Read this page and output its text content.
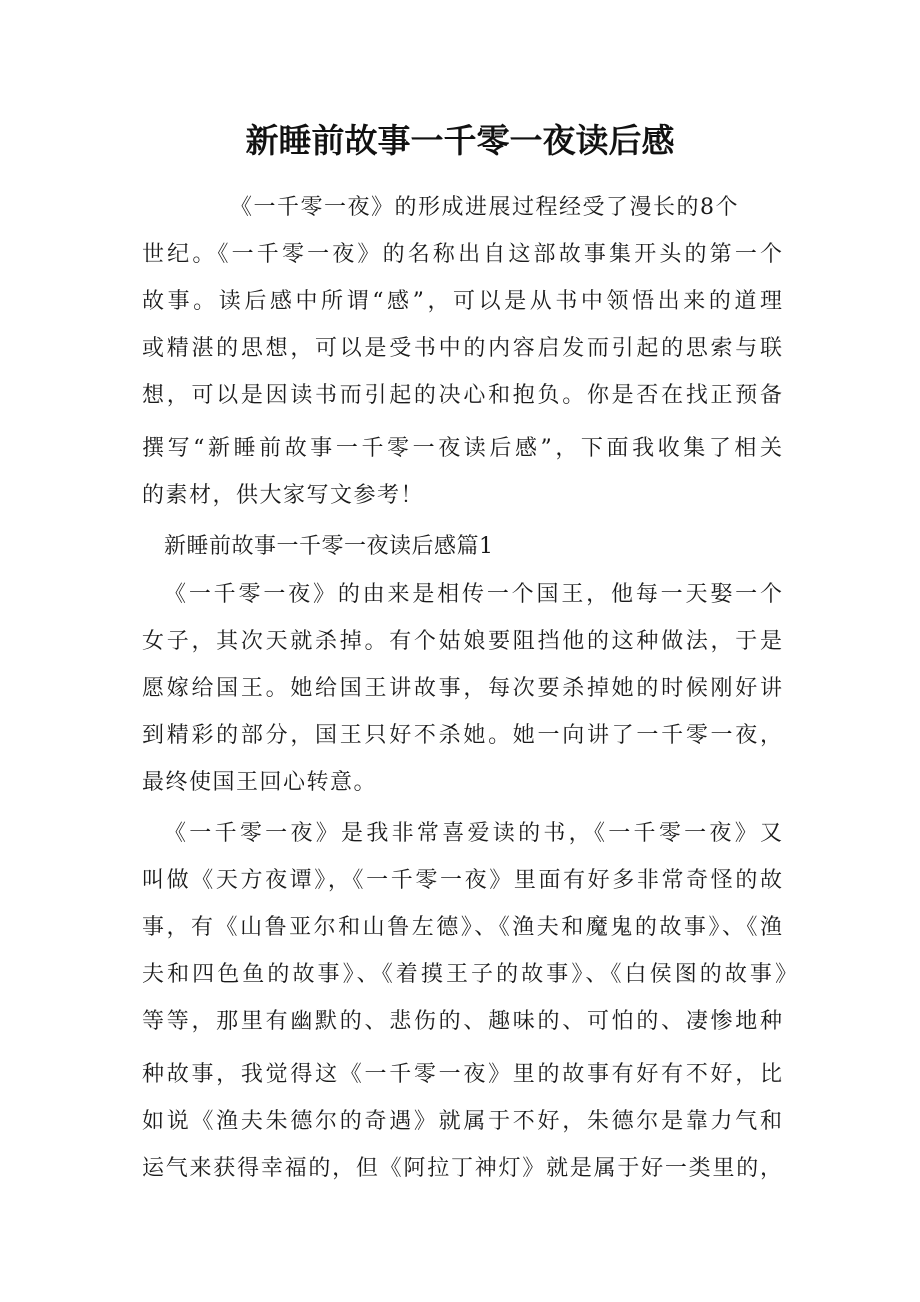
新睡前故事一千零一夜读后感

《一千零一夜》的形成进展过程经受了漫长的8个

世纪。《一千零一夜》的名称出自这部故事集开头的第一个

故事。读后感中所谓“感”，可以是从书中领悟出来的道理

或精湛的思想，可以是受书中的内容启发而引起的思索与联

想，可以是因读书而引起的决心和抱负。你是否在找正预备

撰写“新睡前故事一千零一夜读后感”，下面我收集了相关

的素材，供大家写文参考！

新睡前故事一千零一夜读后感篇1

《一千零一夜》的由来是相传一个国王，他每一天娶一个

女子，其次天就杀掉。有个姑娘要阻挡他的这种做法，于是

愿嫁给国王。她给国王讲故事，每次要杀掉她的时候刚好讲

到精彩的部分，国王只好不杀她。她一向讲了一千零一夜，

最终使国王回心转意。

《一千零一夜》是我非常喜爱读的书，《一千零一夜》又

叫做《天方夜谭》，《一千零一夜》里面有好多非常奇怪的故

事，有《山鲁亚尔和山鲁左德》、《渔夫和魔鬼的故事》、《渔

夫和四色鱼的故事》、《着摸王子的故事》、《白侯图的故事》

等等，那里有幽默的、悲伤的、趣味的、可怕的、凄惨地种

种故事，我觉得这《一千零一夜》里的故事有好有不好，比

如说《渔夫朱德尔的奇遇》就属于不好，朱德尔是靠力气和

运气来获得幸福的，但《阿拉丁神灯》就是属于好一类里的，
